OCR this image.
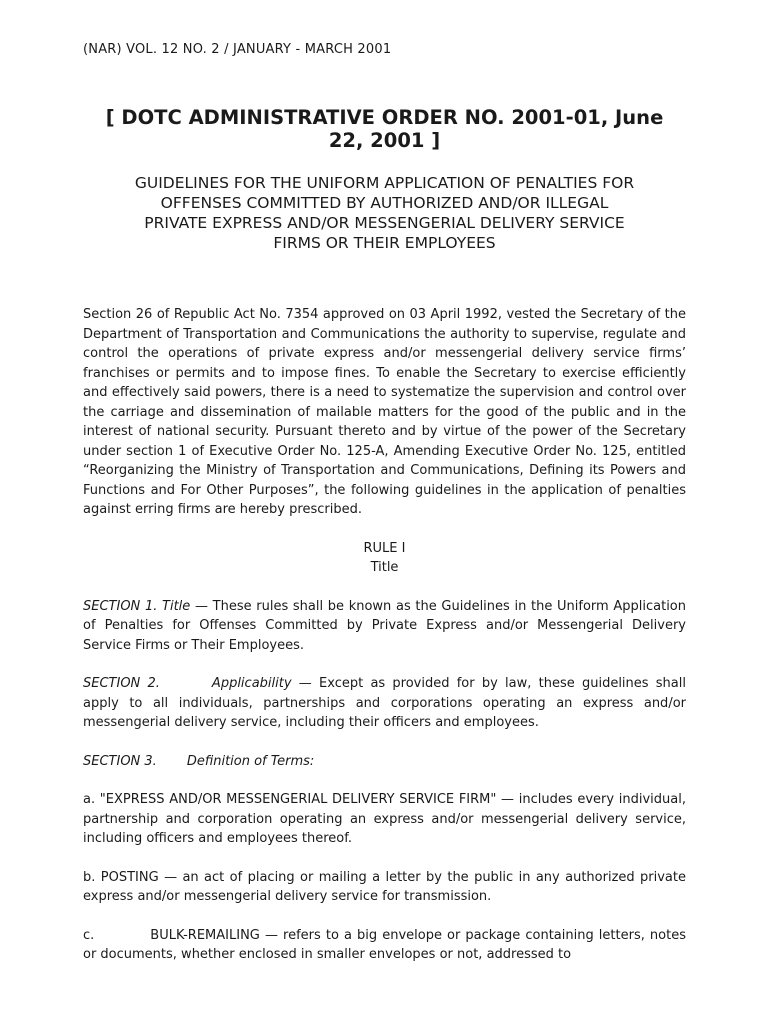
(NAR) VOL. 12 NO. 2 / JANUARY - MARCH 2001
[ DOTC ADMINISTRATIVE ORDER NO. 2001-01, June
22, 2001 ]
GUIDELINES FOR THE UNIFORM APPLICATION OF PENALTIES FOR
OFFENSES COMMITTED BY AUTHORIZED AND/OR ILLEGAL
PRIVATE EXPRESS AND/OR MESSENGERIAL DELIVERY SERVICE
FIRMS OR THEIR EMPLOYEES

Section 26 of Republic Act No. 7354 approved on 03 April 1992, vested the Secretary of the Department of Transportation and Communications the authority to supervise, regulate and control the operations of private express and/or messengerial delivery service firms’ franchises or permits and to impose fines. To enable the Secretary to exercise efficiently and effectively said powers, there is a need to systematize the supervision and control over the carriage and dissemination of mailable matters for the good of the public and in the interest of national security. Pursuant thereto and by virtue of the power of the Secretary under section 1 of Executive Order No. 125-A, Amending Executive Order No. 125, entitled “Reorganizing the Ministry of Transportation and Communications, Defining its Powers and Functions and For Other Purposes”, the following guidelines in the application of penalties against erring firms are hereby prescribed.

RULE I
Title

SECTION 1. Title — These rules shall be known as the Guidelines in the Uniform Application of Penalties for Offenses Committed by Private Express and/or Messengerial Delivery Service Firms or Their Employees.

SECTION 2.	Applicability — Except as provided for by law, these guidelines shall apply to all individuals, partnerships and corporations operating an express and/or messengerial delivery service, including their officers and employees.

SECTION 3. Definition of Terms:

a. "EXPRESS AND/OR MESSENGERIAL DELIVERY SERVICE FIRM" — includes every individual, partnership and corporation operating an express and/or messengerial delivery service, including officers and employees thereof.

b. POSTING — an act of placing or mailing a letter by the public in any authorized private express and/or messengerial delivery service for transmission.

c.	BULK-REMAILING — refers to a big envelope or package containing letters, notes or documents, whether enclosed in smaller envelopes or not, addressed to
